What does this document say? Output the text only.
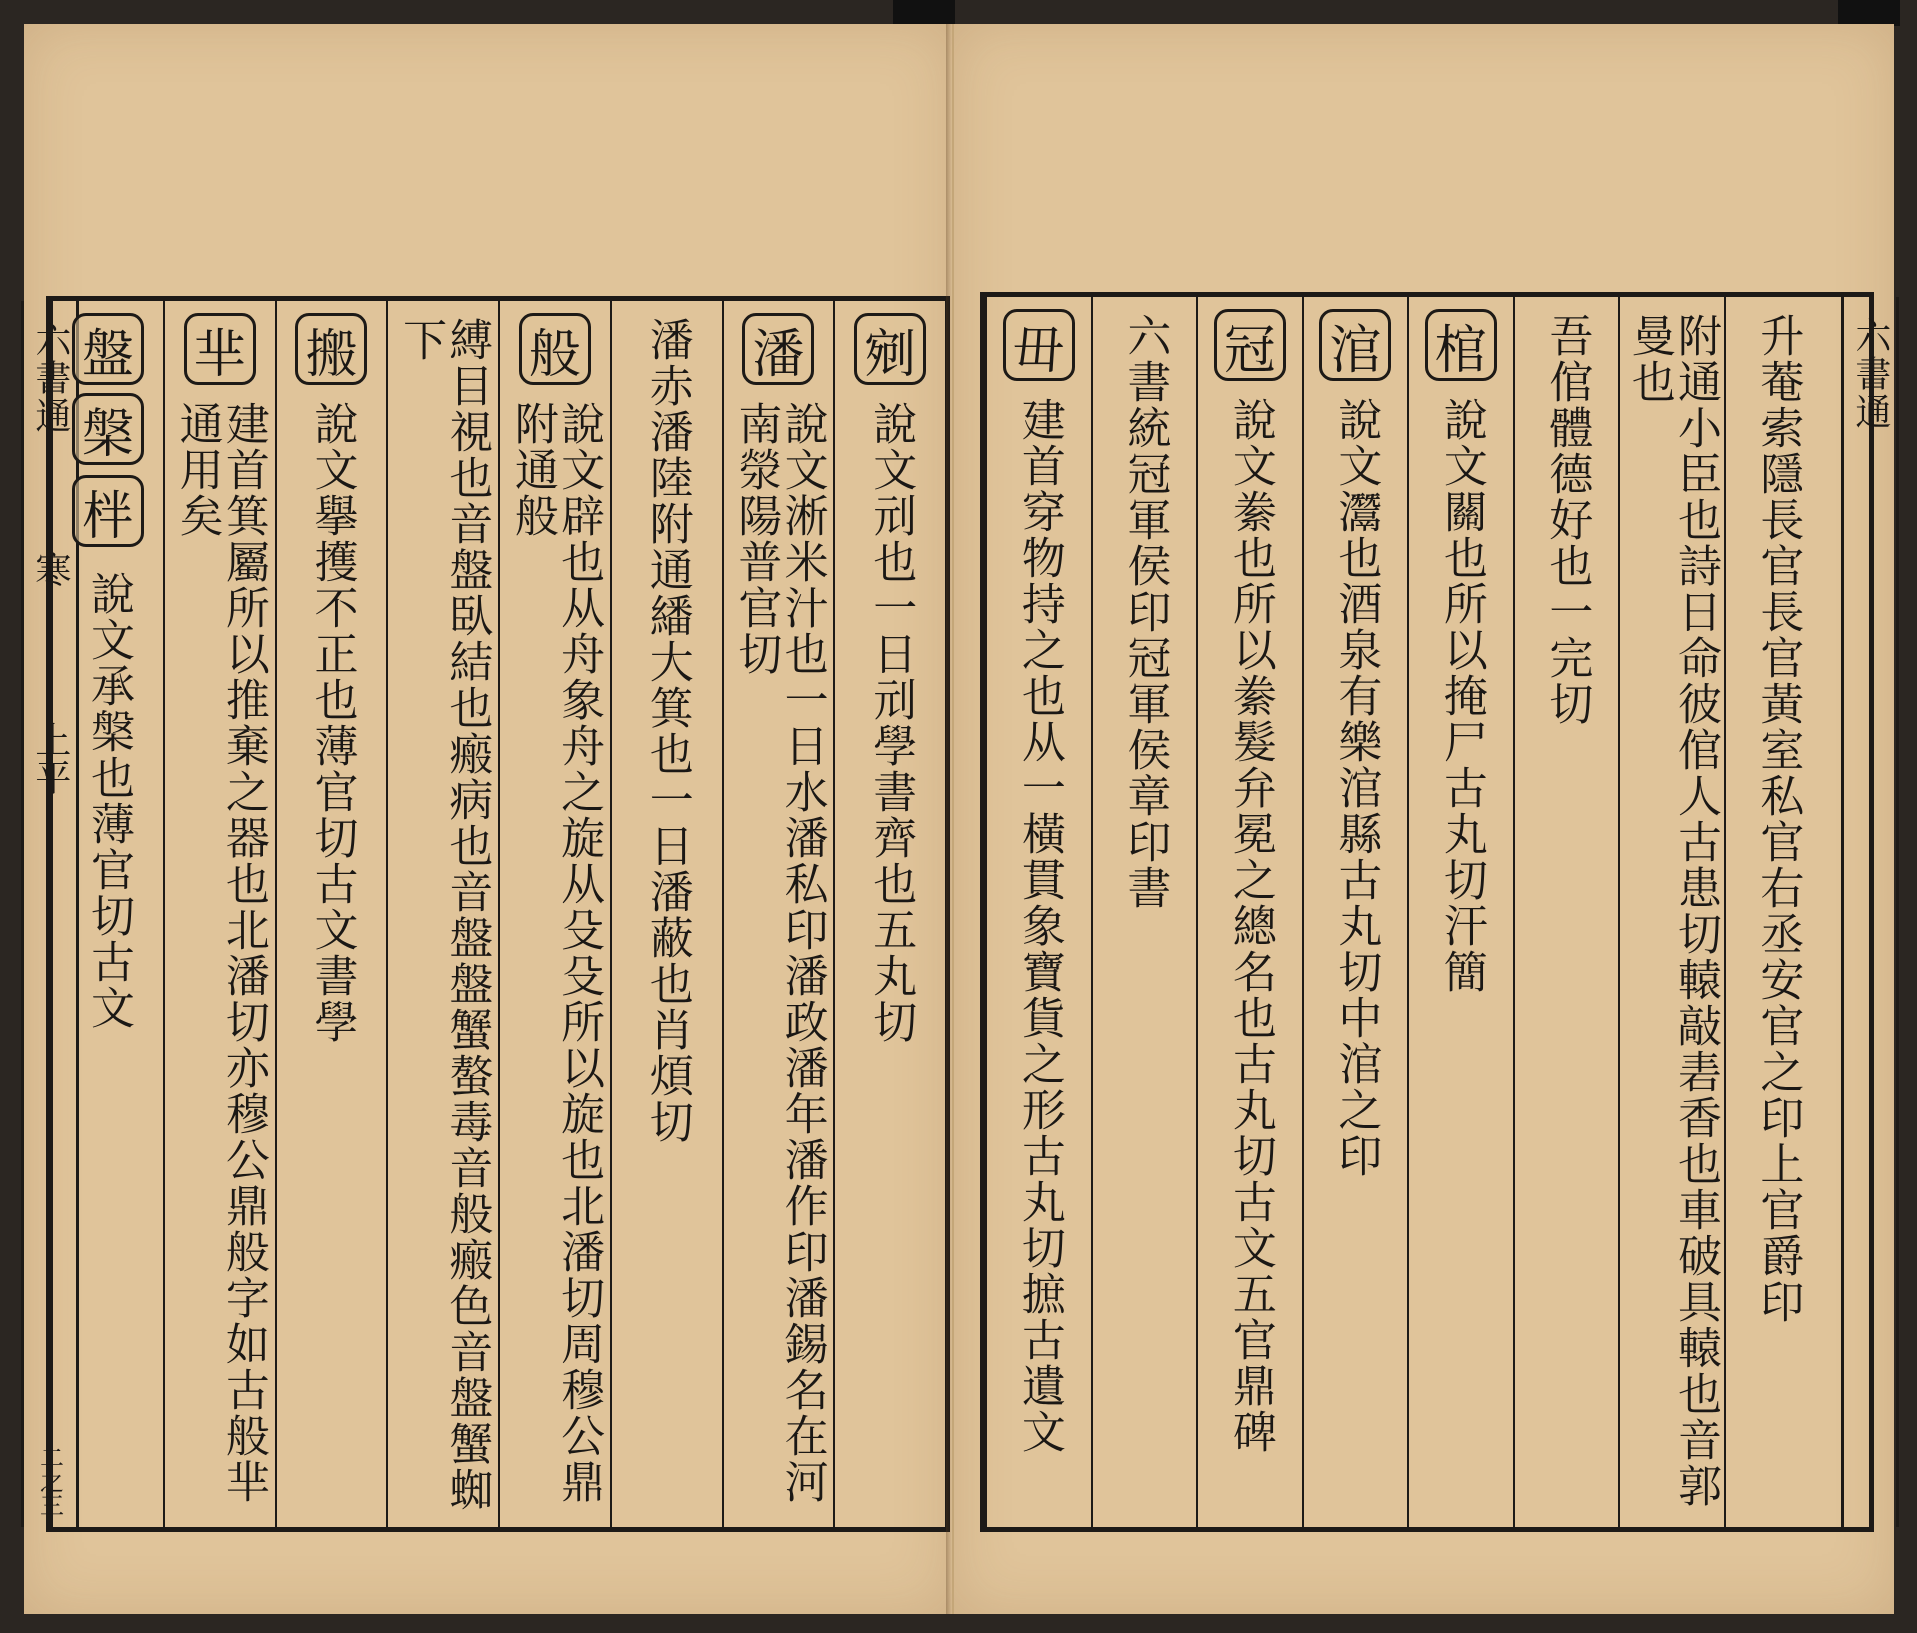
六書通
寒
上平
二之三
剜
說文刓也一日刓學書齊也五丸切
潘
說文淅米汁也一日水潘私印潘政潘年潘作印潘錫名在河南滎陽普官切
潘赤潘陸附通繙大箕也一日潘蔽也肖煩切
般
說文辟也从舟象舟之旋从殳殳所以旋也北潘切周穆公鼎附通般
縛目視也音盤臥結也瘢病也音盤盤蟹螯毒音般瘢色音盤蟹蜘下
搬
說文擧擭不正也薄官切古文書學
芈
建首箕屬所以推棄之器也北潘切亦穆公鼎般字如古般芈通用矣
盤
說文承槃也薄官切古文
槃
柈
六書通
升菴索隱長官長官黃室私官右丞安官之印上官爵印
附通小臣也詩日命彼倌人古患切轅敲砉香也車破具轅也音郭曼也
吾倌體德好也一完切
棺
說文關也所以掩尸古丸切汗簡
涫
說文灊也酒泉有樂涫縣古丸切中涫之印
冠
說文絭也所以絭髮弁冕之總名也古丸切古文五官鼎碑
六書統冠軍侯印冠軍侯章印書
毌
建首穿物持之也从一橫貫象寶貨之形古丸切摭古遺文
